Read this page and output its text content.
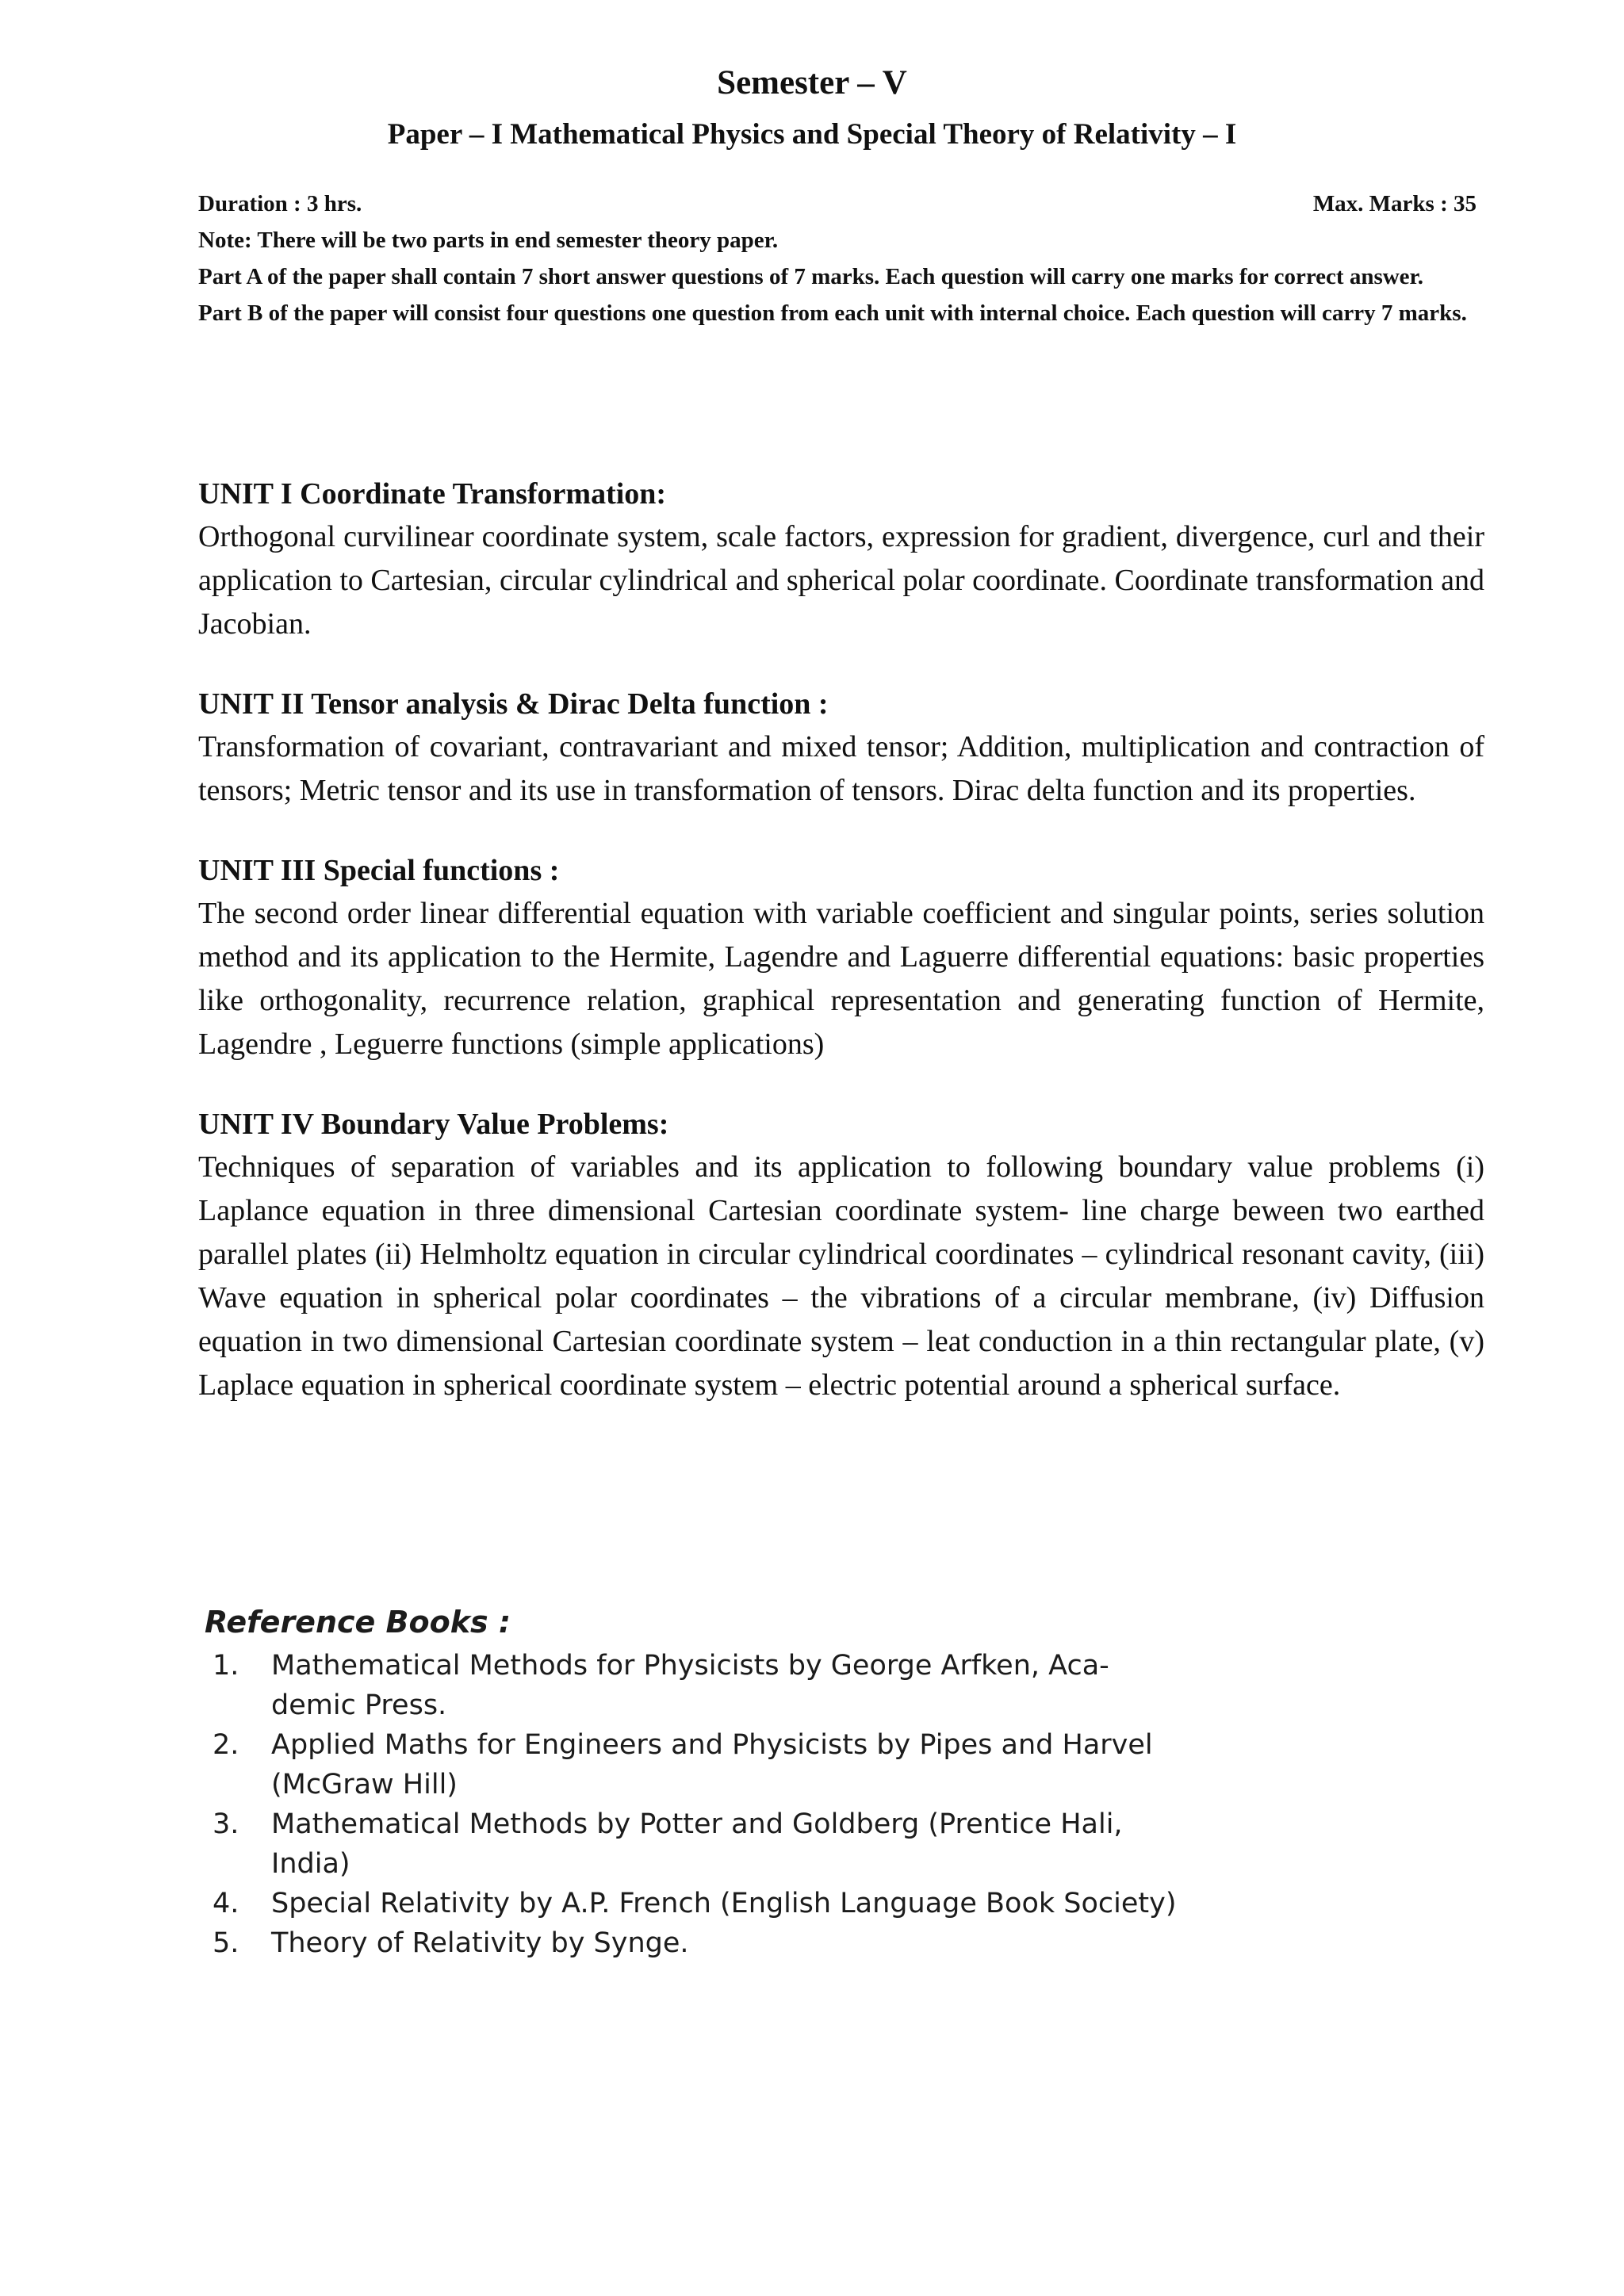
Semester – V
Paper – I Mathematical Physics and Special Theory of Relativity – I
Duration : 3 hrs.	Max. Marks : 35
Note: There will be two parts in end semester theory paper.
Part A of the paper shall contain 7 short answer questions of 7 marks. Each question will carry one marks for correct answer.
Part B of the paper will consist four questions one question from each unit with internal choice. Each question will carry 7 marks.

UNIT I Coordinate Transformation:

Orthogonal curvilinear coordinate system, scale factors, expression for gradient, divergence, curl and their application to Cartesian, circular cylindrical and spherical polar coordinate. Coordinate transformation and Jacobian.

UNIT II Tensor analysis & Dirac Delta function :

Transformation of covariant, contravariant and mixed tensor; Addition, multiplication and contraction of tensors; Metric tensor and its use in transformation of tensors. Dirac delta function and its properties.

UNIT III Special functions :

The second order linear differential equation with variable coefficient and singular points, series solution method and its application to the Hermite, Lagendre and Laguerre differential equations: basic properties like orthogonality, recurrence relation, graphical representation and generating function of Hermite, Lagendre , Leguerre functions (simple applications)

UNIT IV Boundary Value Problems:

Techniques of separation of variables and its application to following boundary value problems (i) Laplance equation in three dimensional Cartesian coordinate system- line charge beween two earthed parallel plates (ii) Helmholtz equation in circular cylindrical coordinates – cylindrical resonant cavity, (iii) Wave equation in spherical polar coordinates – the vibrations of a circular membrane, (iv) Diffusion equation in two dimensional Cartesian coordinate system – leat conduction in a thin rectangular plate, (v) Laplace equation in spherical coordinate system – electric potential around a spherical surface.

Reference Books :

1.	Mathematical Methods for Physicists by George Arfken, Aca- demic Press.
2.	Applied Maths for Engineers and Physicists by Pipes and Harvel (McGraw Hill)
3.	Mathematical Methods by Potter and Goldberg (Prentice Hali, India)
4.	Special Relativity by A.P. French (English Language Book Society)
5.	Theory of Relativity by Synge.
